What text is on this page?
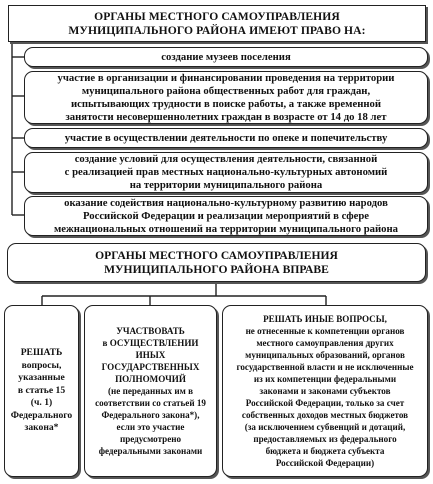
ОРГАНЫ МЕСТНОГО САМОУПРАВЛЕНИЯ
МУНИЦИПАЛЬНОГО РАЙОНА ИМЕЮТ ПРАВО НА:
создание музеев поселения
участие в организации и финансировании проведения на территории
муниципального района общественных работ для граждан,
испытывающих трудности в поиске работы, а также временной
занятости несовершеннолетних граждан в возрасте от 14 до 18 лет
участие в осуществлении деятельности по опеке и попечительству
создание условий для осуществления деятельности, связанной
с реализацией прав местных национально-культурных автономий
на территории муниципального района
оказание содействия национально-культурному развитию народов
Российской Федерации и реализации мероприятий в сфере
межнациональных отношений на территории муниципального района
ОРГАНЫ МЕСТНОГО САМОУПРАВЛЕНИЯ
МУНИЦИПАЛЬНОГО РАЙОНА ВПРАВЕ
РЕШАТЬ
вопросы,
указанные
в статье 15
(ч. 1)
Федерального
закона*
УЧАСТВОВАТЬ
в ОСУЩЕСТВЛЕНИИ ИНЫХ
ГОСУДАРСТВЕННЫХ
ПОЛНОМОЧИЙ
(не переданных им в
соответствии со статьей 19
Федерального закона*),
если это участие
предусмотрено
федеральными законами
РЕШАТЬ ИНЫЕ ВОПРОСЫ,
не отнесенные к компетенции органов
местного самоуправления других
муниципальных образований, органов
государственной власти и не исключенные
из их компетенции федеральными
законами и законами субъектов
Российской Федерации, только за счет
собственных доходов местных бюджетов
(за исключением субвенций и дотаций,
предоставляемых из федерального
бюджета и бюджета субъекта
Российской Федерации)
